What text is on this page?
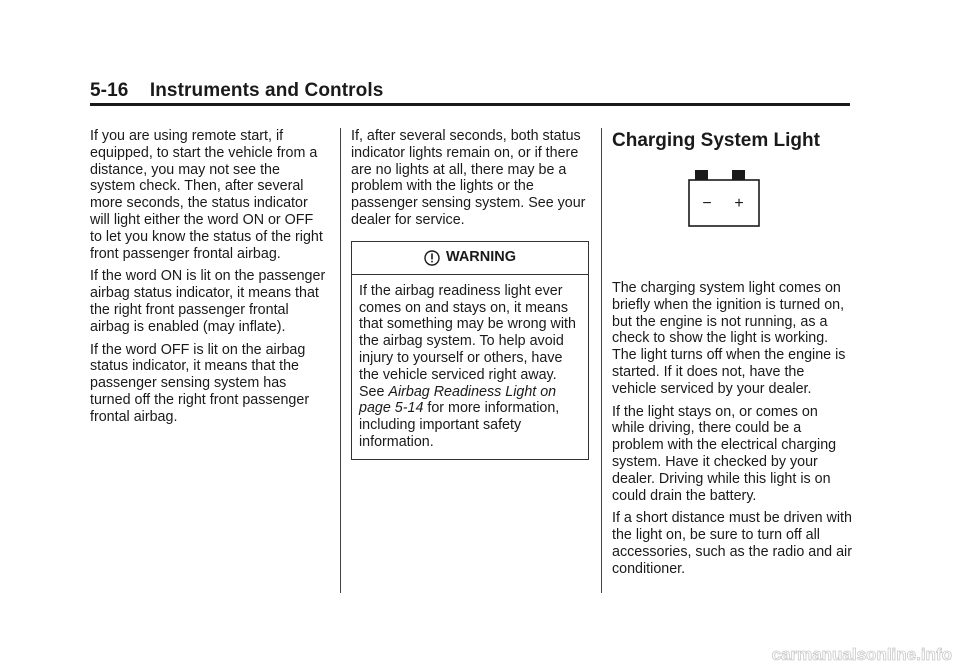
5-16 Instruments and Controls

If you are using remote start, if equipped, to start the vehicle from a distance, you may not see the system check. Then, after several more seconds, the status indicator will light either the word ON or OFF to let you know the status of the right front passenger frontal airbag.

If the word ON is lit on the passenger airbag status indicator, it means that the right front passenger frontal airbag is enabled (may inflate).

If the word OFF is lit on the airbag status indicator, it means that the passenger sensing system has turned off the right front passenger frontal airbag.

If, after several seconds, both status indicator lights remain on, or if there are no lights at all, there may be a problem with the lights or the passenger sensing system. See your dealer for service.

WARNING

If the airbag readiness light ever comes on and stays on, it means that something may be wrong with the airbag system. To help avoid injury to yourself or others, have the vehicle serviced right away. See Airbag Readiness Light on page 5-14 for more information, including important safety information.

Charging System Light
− +

The charging system light comes on briefly when the ignition is turned on, but the engine is not running, as a check to show the light is working. The light turns off when the engine is started. If it does not, have the vehicle serviced by your dealer.

If the light stays on, or comes on while driving, there could be a problem with the electrical charging system. Have it checked by your dealer. Driving while this light is on could drain the battery.

If a short distance must be driven with the light on, be sure to turn off all accessories, such as the radio and air conditioner.

carmanualsonline.info
